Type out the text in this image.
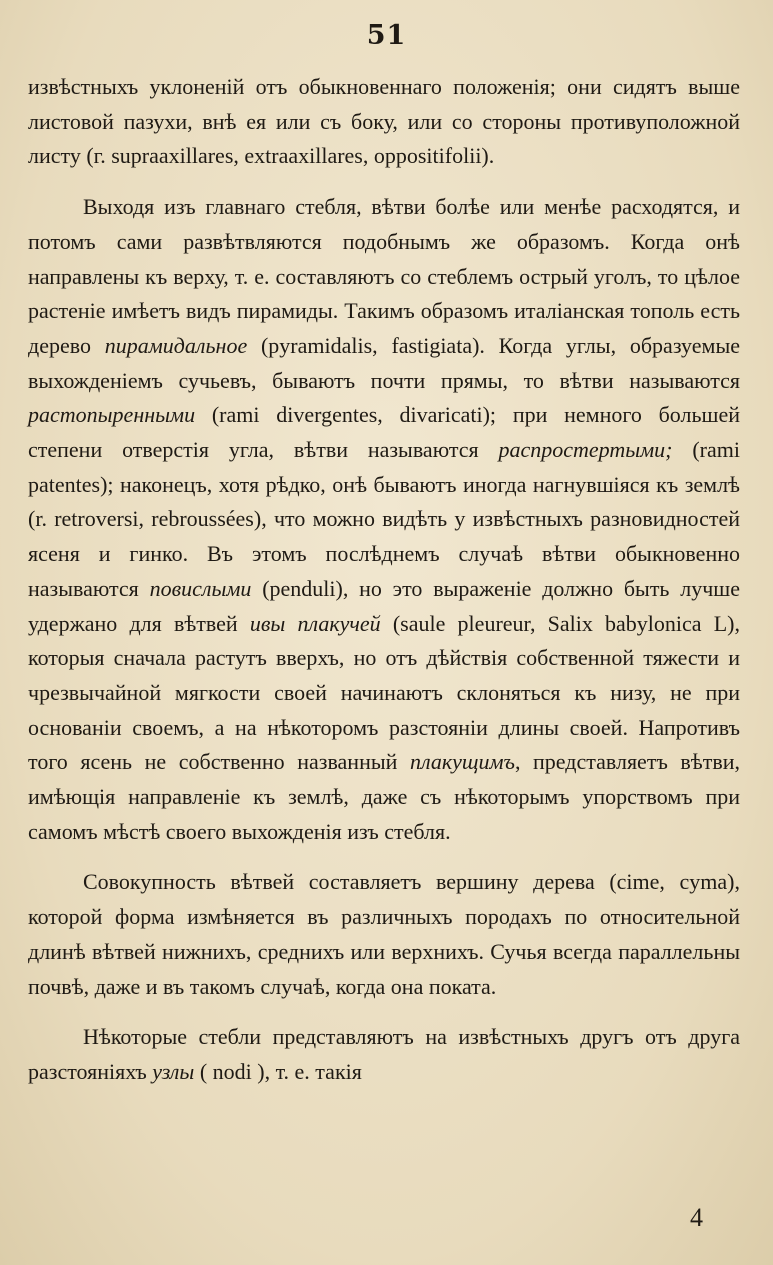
51

извѣстныхъ уклоненій отъ обыкновеннаго положенія; они сидятъ выше листовой пазухи, внѣ ея или съ боку, или со стороны противуположной листу (г. supraaxillares, extraaxillares, oppositifolii).

Выходя изъ главнаго стебля, вѣтви болѣе или менѣе расходятся, и потомъ сами развѣтвляются подобнымъ же образомъ. Когда онѣ направлены къ верху, т. е. составляютъ со стеблемъ острый уголъ, то цѣлое растеніе имѣетъ видъ пирамиды. Такимъ образомъ италіанская тополь есть дерево пирамидальное (pyramidalis, fastigiata). Когда углы, образуемые выхожденіемъ сучьевъ, бываютъ почти прямы, то вѣтви называются растопыренными (rami divergentes, divaricati); при немного большей степени отверстія угла, вѣтви называются распростертыми; (rami patentes); наконецъ, хотя рѣдко, онѣ бываютъ иногда нагнувшіяся къ землѣ (r. retroversi, rebroussées), что можно видѣть у извѣстныхъ разновидностей ясеня и гинко. Въ этомъ послѣднемъ случаѣ вѣтви обыкновенно называются повислыми (penduli), но это выраженіе должно быть лучше удержано для вѣтвей ивы плакучей (saule pleureur, Salix babylonica L), которыя сначала растутъ вверхъ, но отъ дѣйствія собственной тяжести и чрезвычайной мягкости своей начинаютъ склоняться къ низу, не при основаніи своемъ, а на нѣкоторомъ разстояніи длины своей. Напротивъ того ясень не собственно названный плакущимъ, представляетъ вѣтви, имѣющія направленіе къ землѣ, даже съ нѣкоторымъ упорствомъ при самомъ мѣстѣ своего выхожденія изъ стебля.

Совокупность вѣтвей составляетъ вершину дерева (cime, cyma), которой форма измѣняется въ различныхъ породахъ по относительной длинѣ вѣтвей нижнихъ, среднихъ или верхнихъ. Сучья всегда параллельны почвѣ, даже и въ такомъ случаѣ, когда она поката.

Нѣкоторые стебли представляютъ на извѣстныхъ другъ отъ друга разстояніяхъ узлы ( nodi ), т. е. такія

4
